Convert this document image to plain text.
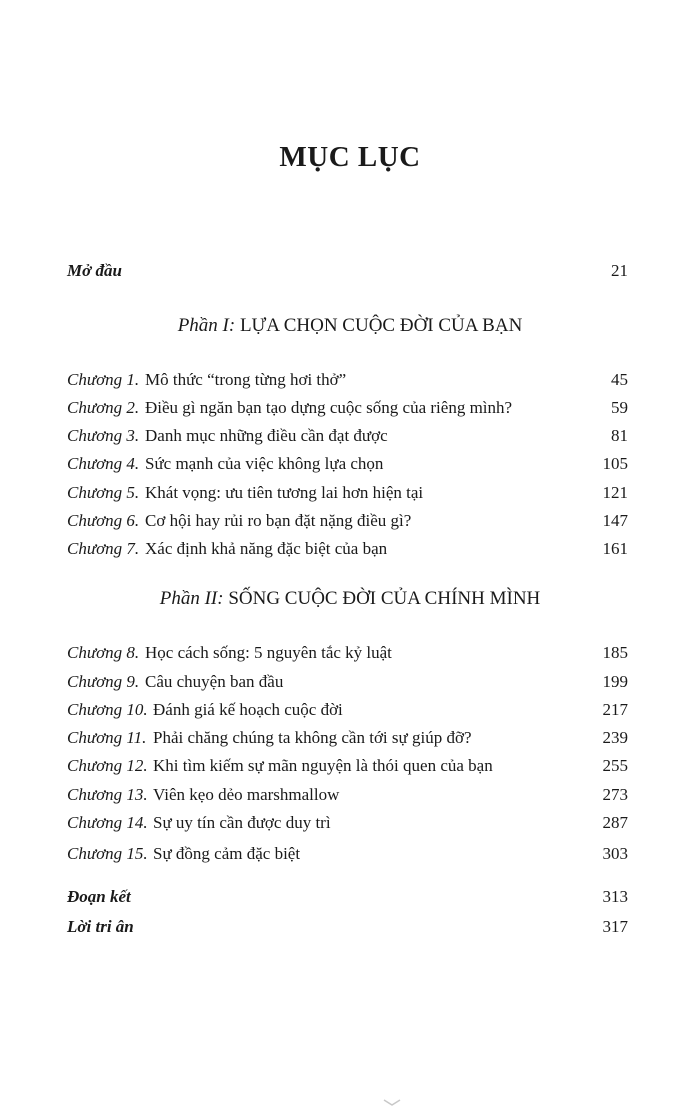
MỤC LỤC
Mở đầu	21
Phần I: LỰA CHỌN CUỘC ĐỜI CỦA BẠN
Chương 1. Mô thức “trong từng hơi thở”	45
Chương 2. Điều gì ngăn bạn tạo dựng cuộc sống của riêng mình?	59
Chương 3. Danh mục những điều cần đạt được	81
Chương 4. Sức mạnh của việc không lựa chọn	105
Chương 5. Khát vọng: ưu tiên tương lai hơn hiện tại	121
Chương 6. Cơ hội hay rủi ro bạn đặt nặng điều gì?	147
Chương 7. Xác định khả năng đặc biệt của bạn	161
Phần II: SỐNG CUỘC ĐỜI CỦA CHÍNH MÌNH
Chương 8. Học cách sống: 5 nguyên tắc kỷ luật	185
Chương 9. Câu chuyện ban đầu	199
Chương 10. Đánh giá kế hoạch cuộc đời	217
Chương 11. Phải chăng chúng ta không cần tới sự giúp đỡ?	239
Chương 12. Khi tìm kiếm sự mãn nguyện là thói quen của bạn	255
Chương 13. Viên kẹo dẻo marshmallow	273
Chương 14. Sự uy tín cần được duy trì	287
Chương 15. Sự đồng cảm đặc biệt	303
Đoạn kết	313
Lời tri ân	317
